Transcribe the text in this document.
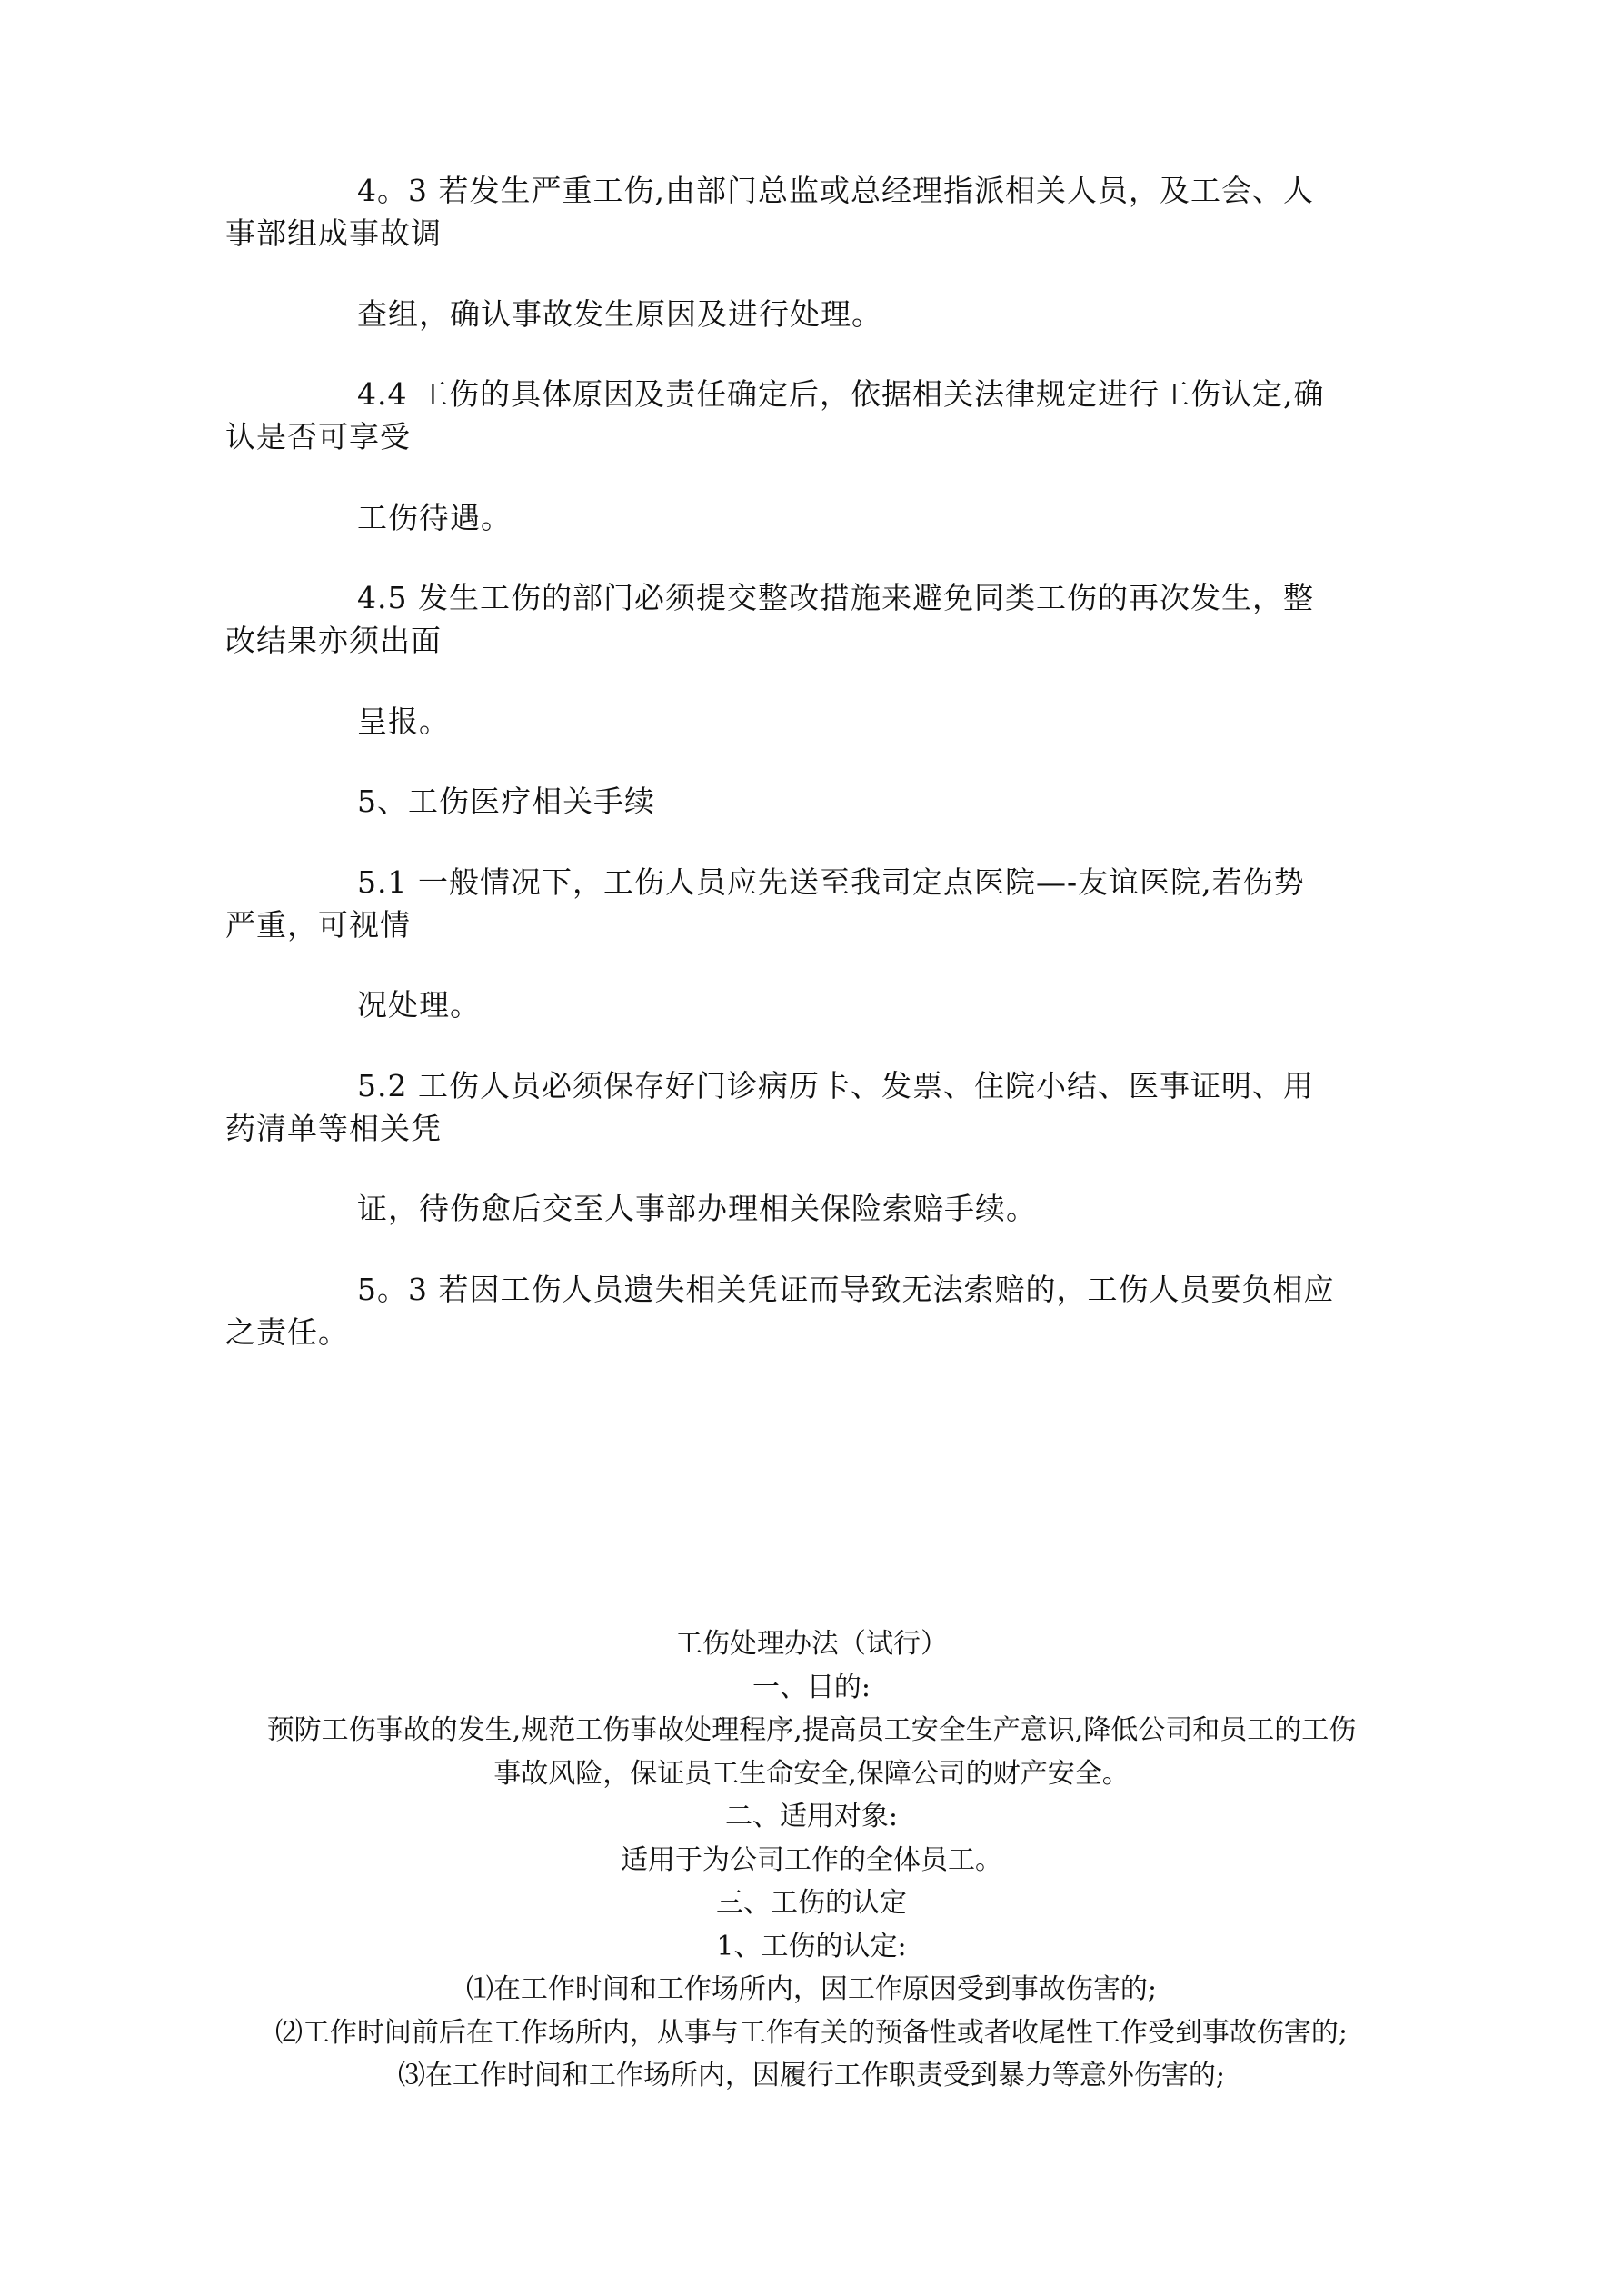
4。3 若发生严重工伤,由部门总监或总经理指派相关人员，及工会、人
事部组成事故调

查组，确认事故发生原因及进行处理。

4.4 工伤的具体原因及责任确定后，依据相关法律规定进行工伤认定,确
认是否可享受

工伤待遇。

4.5 发生工伤的部门必须提交整改措施来避免同类工伤的再次发生，整
改结果亦须出面

呈报。

5、工伤医疗相关手续

5.1 一般情况下，工伤人员应先送至我司定点医院—-友谊医院,若伤势
严重，可视情

况处理。

5.2 工伤人员必须保存好门诊病历卡、发票、住院小结、医事证明、用
药清单等相关凭

证，待伤愈后交至人事部办理相关保险索赔手续。

5。3 若因工伤人员遗失相关凭证而导致无法索赔的，工伤人员要负相应
之责任。

工伤处理办法（试行）

一、目的:

预防工伤事故的发生,规范工伤事故处理程序,提高员工安全生产意识,降低公司和员工的工伤

事故风险，保证员工生命安全,保障公司的财产安全。

二、适用对象:

适用于为公司工作的全体员工。

三、工伤的认定

1、工伤的认定:

⑴在工作时间和工作场所内，因工作原因受到事故伤害的;

⑵工作时间前后在工作场所内，从事与工作有关的预备性或者收尾性工作受到事故伤害的;

⑶在工作时间和工作场所内，因履行工作职责受到暴力等意外伤害的;
